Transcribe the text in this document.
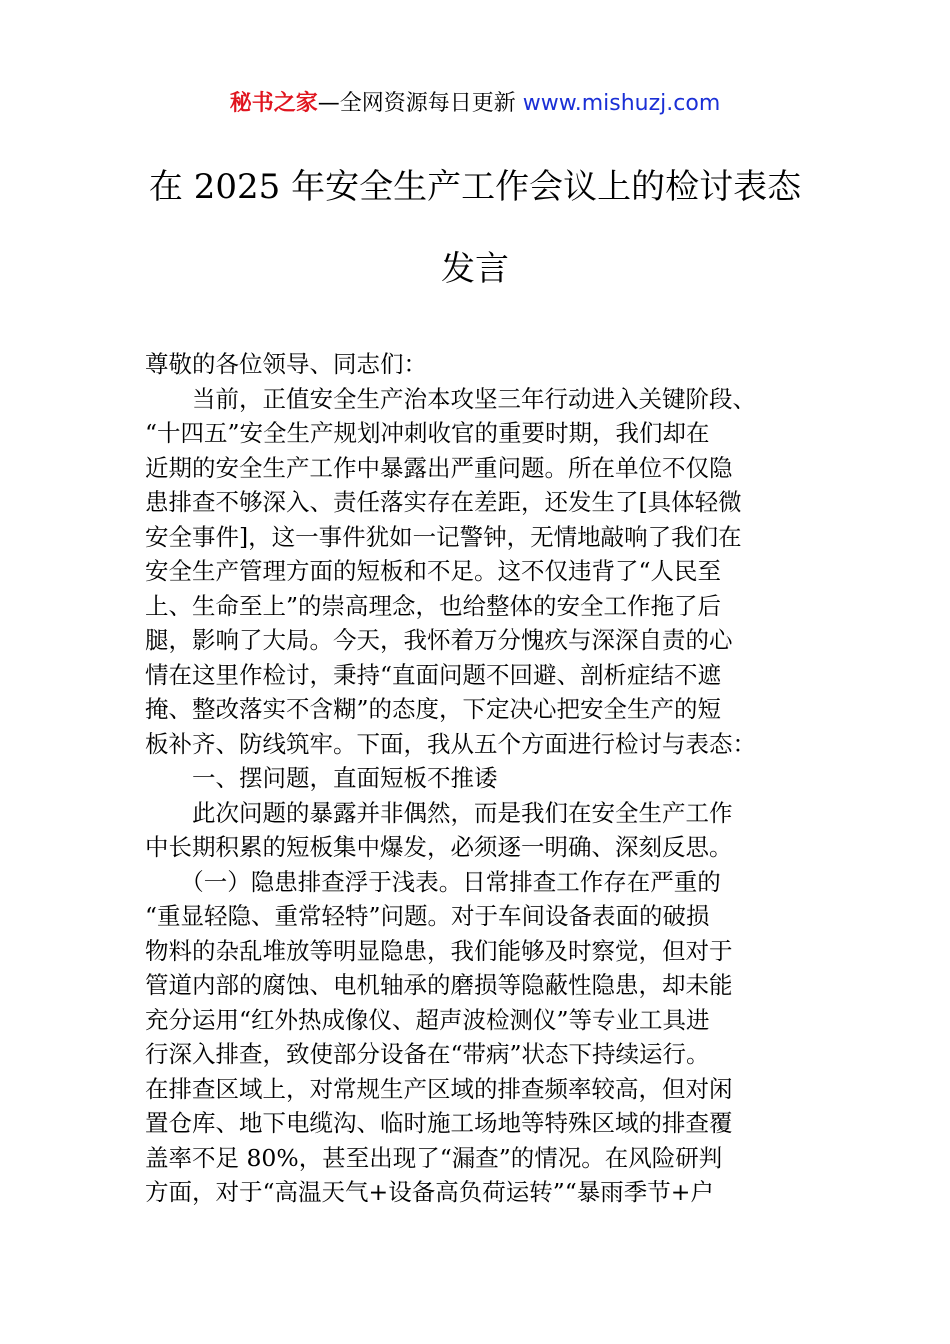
秘书之家—全网资源每日更新 www.mishuzj.com
在 2025 年安全生产工作会议上的检讨表态
发言
尊敬的各位领导、同志们：
　　当前，正值安全生产治本攻坚三年行动进入关键阶段、
“十四五”安全生产规划冲刺收官的重要时期，我们却在
近期的安全生产工作中暴露出严重问题。所在单位不仅隐
患排查不够深入、责任落实存在差距，还发生了[具体轻微
安全事件]，这一事件犹如一记警钟，无情地敲响了我们在
安全生产管理方面的短板和不足。这不仅违背了“人民至
上、生命至上”的崇高理念，也给整体的安全工作拖了后
腿，影响了大局。今天，我怀着万分愧疚与深深自责的心
情在这里作检讨，秉持“直面问题不回避、剖析症结不遮
掩、整改落实不含糊”的态度，下定决心把安全生产的短
板补齐、防线筑牢。下面，我从五个方面进行检讨与表态：
　　一、摆问题，直面短板不推诿
　　此次问题的暴露并非偶然，而是我们在安全生产工作
中长期积累的短板集中爆发，必须逐一明确、深刻反思。
　　（一）隐患排查浮于浅表。日常排查工作存在严重的
“重显轻隐、重常轻特”问题。对于车间设备表面的破损
物料的杂乱堆放等明显隐患，我们能够及时察觉，但对于
管道内部的腐蚀、电机轴承的磨损等隐蔽性隐患，却未能
充分运用“红外热成像仪、超声波检测仪”等专业工具进
行深入排查，致使部分设备在“带病”状态下持续运行。
在排查区域上，对常规生产区域的排查频率较高，但对闲
置仓库、地下电缆沟、临时施工场地等特殊区域的排查覆
盖率不足 80%，甚至出现了“漏查”的情况。在风险研判
方面，对于“高温天气+设备高负荷运转”“暴雨季节+户
